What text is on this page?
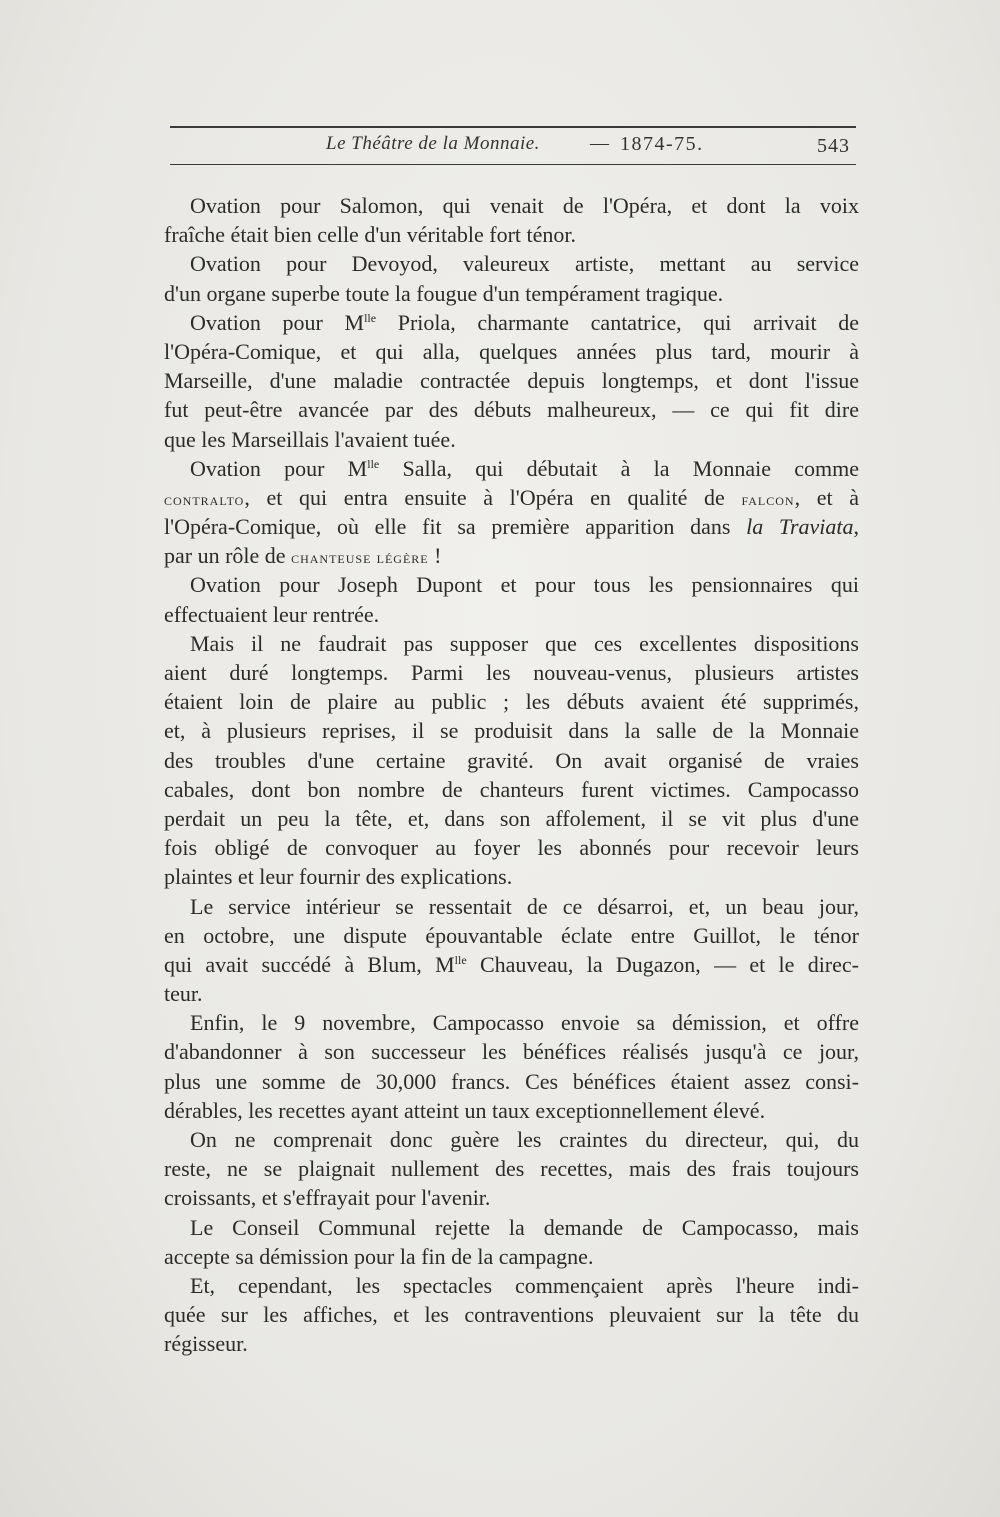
Le Théâtre de la Monnaie.	— 1874-75.	543
Ovation pour Salomon, qui venait de l'Opéra, et dont la voix
fraîche était bien celle d'un véritable fort ténor.
Ovation pour Devoyod, valeureux artiste, mettant au service
d'un organe superbe toute la fougue d'un tempérament tragique.
Ovation pour $M^{lle}$ Priola, charmante cantatrice, qui arrivait de
l'Opéra-Comique, et qui alla, quelques années plus tard, mourir à
Marseille, d'une maladie contractée depuis longtemps, et dont l'issue
fut peut-être avancée par des débuts malheureux, — ce qui fit dire
que les Marseillais l'avaient tuée.
Ovation pour $M^{lle}$ Salla, qui débutait à la Monnaie comme
contralto, et qui entra ensuite à l'Opéra en qualité de falcon, et à
l'Opéra-Comique, où elle fit sa première apparition dans la Traviata,
par un rôle de chanteuse légère !
Ovation pour Joseph Dupont et pour tous les pensionnaires qui
effectuaient leur rentrée.
Mais il ne faudrait pas supposer que ces excellentes dispositions
aient duré longtemps. Parmi les nouveau-venus, plusieurs artistes
étaient loin de plaire au public ; les débuts avaient été supprimés,
et, à plusieurs reprises, il se produisit dans la salle de la Monnaie
des troubles d'une certaine gravité. On avait organisé de vraies
cabales, dont bon nombre de chanteurs furent victimes. Campocasso
perdait un peu la tête, et, dans son affolement, il se vit plus d'une
fois obligé de convoquer au foyer les abonnés pour recevoir leurs
plaintes et leur fournir des explications.
Le service intérieur se ressentait de ce désarroi, et, un beau jour,
en octobre, une dispute épouvantable éclate entre Guillot, le ténor
qui avait succédé à Blum, $M^{lle}$ Chauveau, la Dugazon, — et le direc-
teur.
Enfin, le 9 novembre, Campocasso envoie sa démission, et offre
d'abandonner à son successeur les bénéfices réalisés jusqu'à ce jour,
plus une somme de 30,000 francs. Ces bénéfices étaient assez consi-
dérables, les recettes ayant atteint un taux exceptionnellement élevé.
On ne comprenait donc guère les craintes du directeur, qui, du
reste, ne se plaignait nullement des recettes, mais des frais toujours
croissants, et s'effrayait pour l'avenir.
Le Conseil Communal rejette la demande de Campocasso, mais
accepte sa démission pour la fin de la campagne.
Et, cependant, les spectacles commençaient après l'heure indi-
quée sur les affiches, et les contraventions pleuvaient sur la tête du
régisseur.
